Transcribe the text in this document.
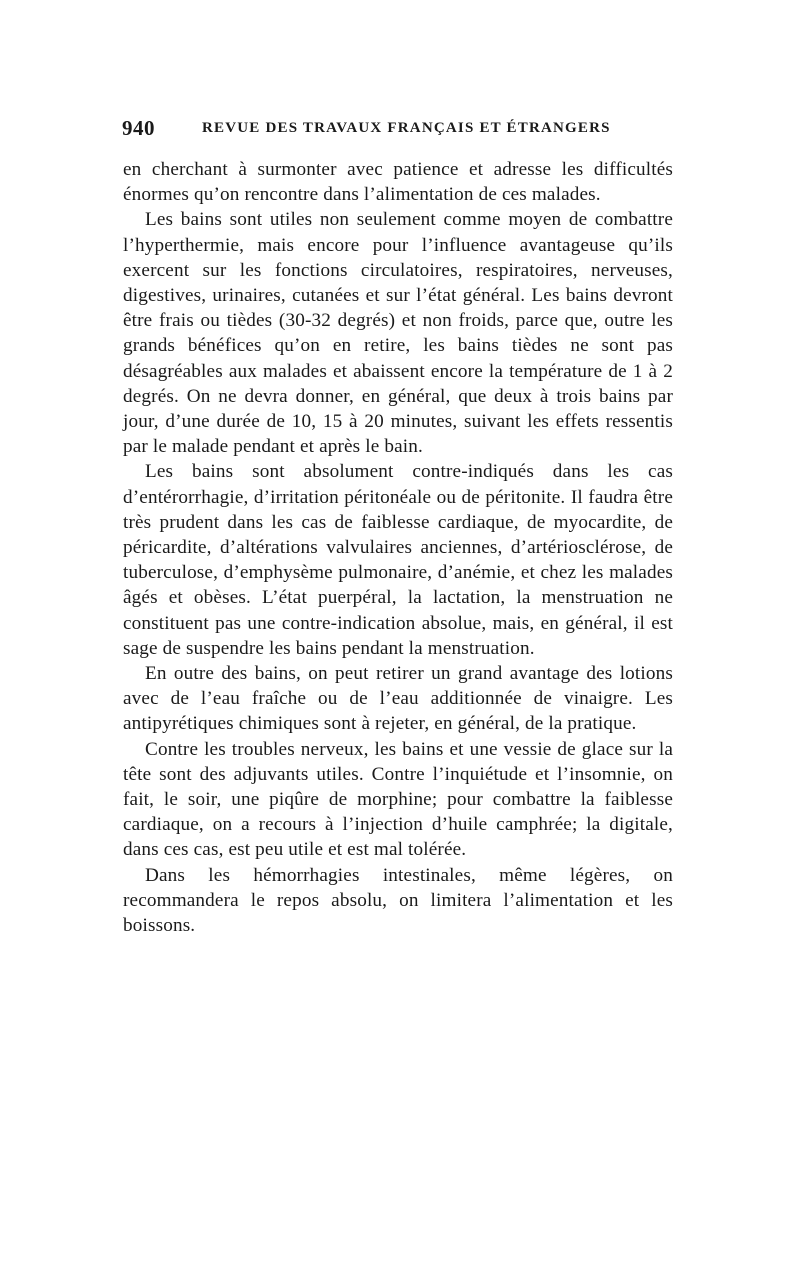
940	REVUE DES TRAVAUX FRANÇAIS ET ÉTRANGERS

en cherchant à surmonter avec patience et adresse les difficultés énormes qu’on rencontre dans l’alimentation de ces malades.

Les bains sont utiles non seulement comme moyen de combattre l’hyperthermie, mais encore pour l’influence avantageuse qu’ils exercent sur les fonctions circulatoires, respiratoires, nerveuses, digestives, urinaires, cutanées et sur l’état général. Les bains devront être frais ou tièdes (30-32 degrés) et non froids, parce que, outre les grands bénéfices qu’on en retire, les bains tièdes ne sont pas désagréables aux malades et abaissent encore la température de 1 à 2 degrés. On ne devra donner, en général, que deux à trois bains par jour, d’une durée de 10, 15 à 20 minutes, suivant les effets ressentis par le malade pendant et après le bain.

Les bains sont absolument contre-indiqués dans les cas d’entérorrhagie, d’irritation péritonéale ou de péritonite. Il faudra être très prudent dans les cas de faiblesse cardiaque, de myocardite, de péricardite, d’altérations valvulaires anciennes, d’artériosclérose, de tuberculose, d’emphysème pulmonaire, d’anémie, et chez les malades âgés et obèses. L’état puerpéral, la lactation, la menstruation ne constituent pas une contre-indication absolue, mais, en général, il est sage de suspendre les bains pendant la menstruation.

En outre des bains, on peut retirer un grand avantage des lotions avec de l’eau fraîche ou de l’eau additionnée de vinaigre. Les antipyrétiques chimiques sont à rejeter, en général, de la pratique.

Contre les troubles nerveux, les bains et une vessie de glace sur la tête sont des adjuvants utiles. Contre l’inquiétude et l’insomnie, on fait, le soir, une piqûre de morphine; pour combattre la faiblesse cardiaque, on a recours à l’injection d’huile camphrée; la digitale, dans ces cas, est peu utile et est mal tolérée.

Dans les hémorrhagies intestinales, même légères, on recommandera le repos absolu, on limitera l’alimentation et les boissons.
